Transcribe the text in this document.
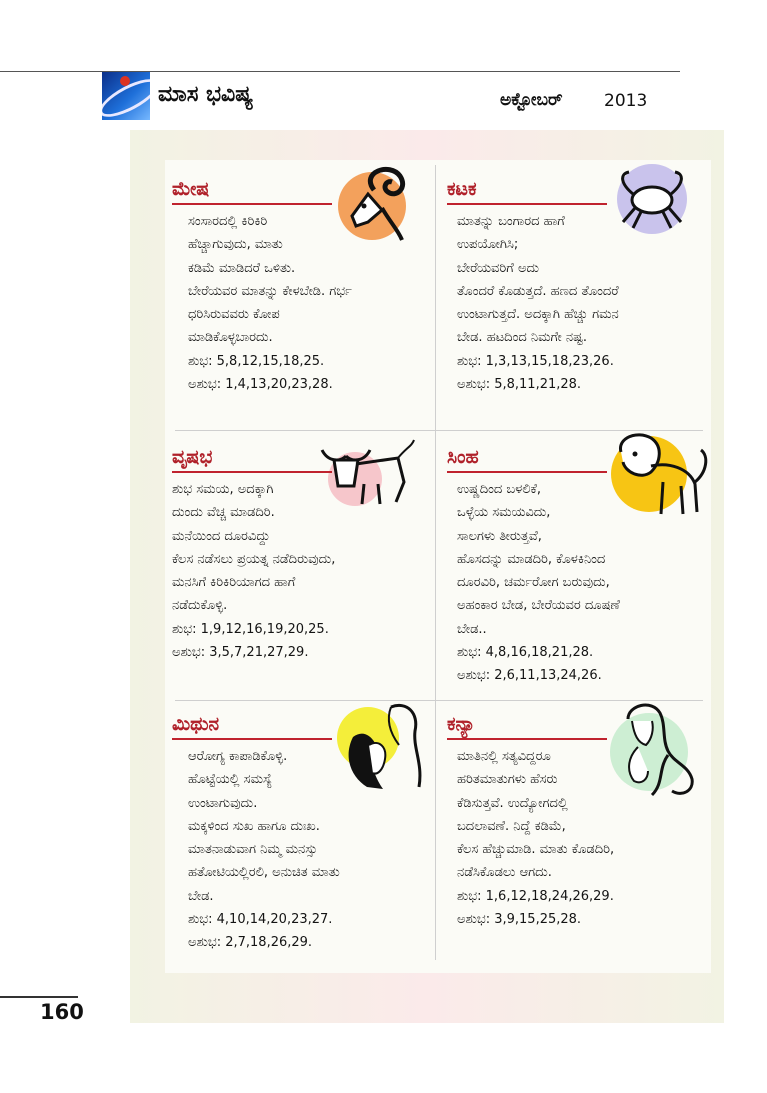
ಮಾಸ ಭವಿಷ್ಯ	ಅಕ್ಟೋಬರ್ 2013
ಮೇಷ
ಸಂಸಾರದಲ್ಲಿ ಕಿರಿಕಿರಿ
ಹೆಚ್ಚಾಗುವುದು, ಮಾತು
ಕಡಿಮೆ ಮಾಡಿದರೆ ಒಳಿತು.
ಬೇರೆಯವರ ಮಾತನ್ನು ಕೇಳಬೇಡಿ. ಗರ್ಭ
ಧರಿಸಿರುವವರು ಕೋಪ
ಮಾಡಿಕೊಳ್ಳಬಾರದು.
ಶುಭ: 5,8,12,15,18,25.
ಅಶುಭ: 1,4,13,20,23,28.
ಕಟಕ
ಮಾತನ್ನು ಬಂಗಾರದ ಹಾಗೆ
ಉಪಯೋಗಿಸಿ;
ಬೇರೆಯವರಿಗೆ ಅದು
ತೊಂದರೆ ಕೊಡುತ್ತದೆ. ಹಣದ ತೊಂದರೆ
ಉಂಟಾಗುತ್ತದೆ. ಅದಕ್ಕಾಗಿ ಹೆಚ್ಚು ಗಮನ
ಬೇಡ. ಹಟದಿಂದ ನಿಮಗೇ ನಷ್ಟ.
ಶುಭ: 1,3,13,15,18,23,26.
ಅಶುಭ: 5,8,11,21,28.
ವೃಷಭ
ಶುಭ ಸಮಯ, ಅದಕ್ಕಾಗಿ
ದುಂದು ವೆಚ್ಚ ಮಾಡದಿರಿ.
ಮನೆಯಿಂದ ದೂರವಿದ್ದು
ಕೆಲಸ ನಡೆಸಲು ಪ್ರಯತ್ನ ನಡೆದಿರುವುದು,
ಮನಸಿಗೆ ಕಿರಿಕಿರಿಯಾಗದ ಹಾಗೆ
ನಡೆದುಕೊಳ್ಳಿ.
ಶುಭ: 1,9,12,16,19,20,25.
ಅಶುಭ: 3,5,7,21,27,29.
ಸಿಂಹ
ಉಷ್ಣದಿಂದ ಬಳಲಿಕೆ,
ಒಳ್ಳೆಯ ಸಮಯವಿದು,
ಸಾಲಗಳು ತೀರುತ್ತವೆ,
ಹೊಸದನ್ನು ಮಾಡದಿರಿ, ಕೊಳಕಿನಿಂದ
ದೂರವಿರಿ, ಚರ್ಮರೋಗ ಬರುವುದು,
ಅಹಂಕಾರ ಬೇಡ, ಬೇರೆಯವರ ದೂಷಣೆ
ಬೇಡ..
ಶುಭ: 4,8,16,18,21,28.
ಅಶುಭ: 2,6,11,13,24,26.
ಮಿಥುನ
ಆರೋಗ್ಯ ಕಾಪಾಡಿಕೊಳ್ಳಿ.
ಹೊಟ್ಟೆಯಲ್ಲಿ ಸಮಸ್ಯೆ
ಉಂಟಾಗುವುದು.
ಮಕ್ಕಳಿಂದ ಸುಖ ಹಾಗೂ ದುಃಖ.
ಮಾತನಾಡುವಾಗ ನಿಮ್ಮ ಮನಸ್ಸು
ಹತೋಟಿಯಲ್ಲಿರಲಿ, ಅನುಚಿತ ಮಾತು
ಬೇಡ.
ಶುಭ: 4,10,14,20,23,27.
ಅಶುಭ: 2,7,18,26,29.
ಕನ್ಯಾ
ಮಾತಿನಲ್ಲಿ ಸತ್ಯವಿದ್ದರೂ
ಹರಿತಮಾತುಗಳು ಹೆಸರು
ಕೆಡಿಸುತ್ತವೆ. ಉದ್ಯೋಗದಲ್ಲಿ
ಬದಲಾವಣೆ. ನಿದ್ದೆ ಕಡಿಮೆ,
ಕೆಲಸ ಹೆಚ್ಚುಮಾಡಿ. ಮಾತು ಕೊಡದಿರಿ,
ನಡೆಸಿಕೊಡಲು ಆಗದು.
ಶುಭ: 1,6,12,18,24,26,29.
ಅಶುಭ: 3,9,15,25,28.
160
